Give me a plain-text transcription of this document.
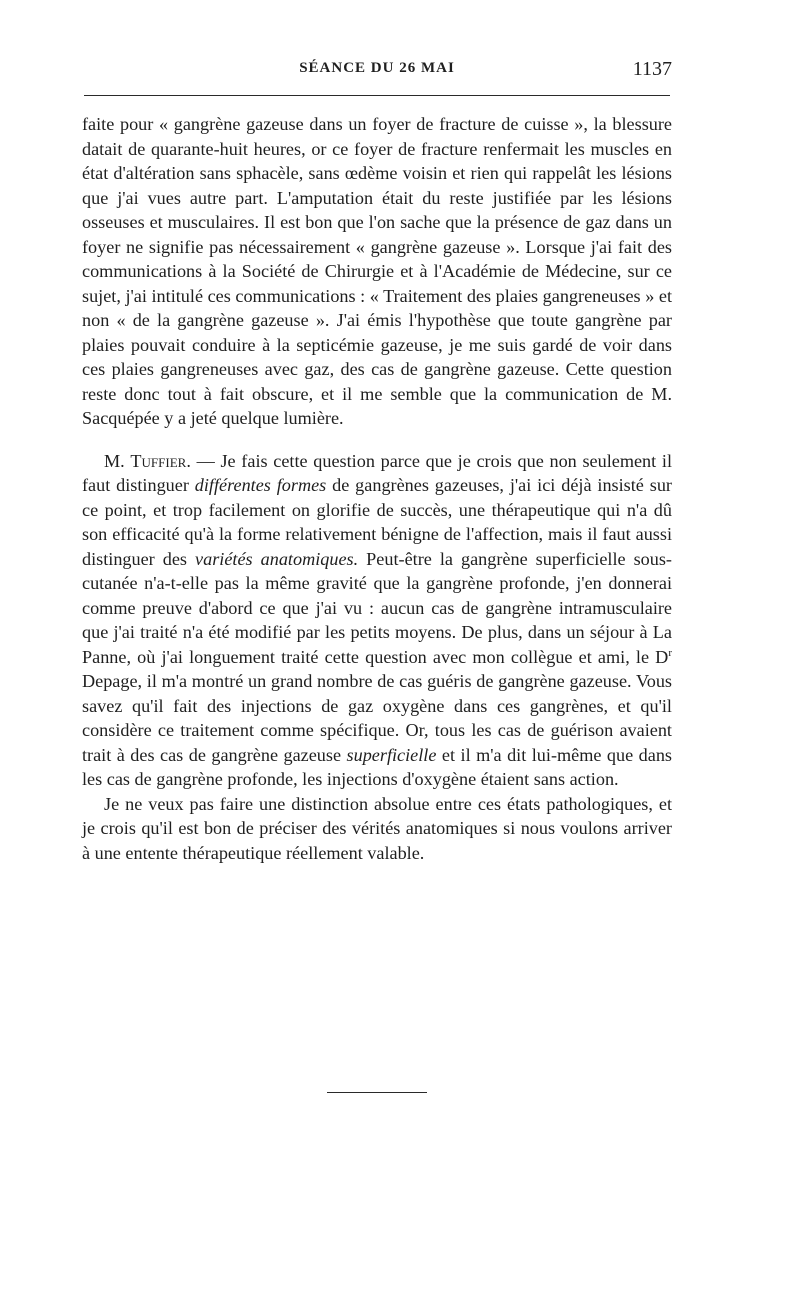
SÉANCE DU 26 MAI	1137

faite pour « gangrène gazeuse dans un foyer de fracture de cuisse », la blessure datait de quarante-huit heures, or ce foyer de fracture renfermait les muscles en état d'altération sans sphacèle, sans œdème voisin et rien qui rappelât les lésions que j'ai vues autre part. L'amputation était du reste justifiée par les lésions osseuses et musculaires. Il est bon que l'on sache que la présence de gaz dans un foyer ne signifie pas nécessairement « gangrène gazeuse ». Lorsque j'ai fait des communications à la Société de Chirurgie et à l'Académie de Médecine, sur ce sujet, j'ai intitulé ces communications : « Traitement des plaies gangreneuses » et non « de la gangrène gazeuse ». J'ai émis l'hypothèse que toute gangrène par plaies pouvait conduire à la septicémie gazeuse, je me suis gardé de voir dans ces plaies gangreneuses avec gaz, des cas de gangrène gazeuse. Cette question reste donc tout à fait obscure, et il me semble que la communication de M. Sacquépée y a jeté quelque lumière.

M. Tuffier. — Je fais cette question parce que je crois que non seulement il faut distinguer différentes formes de gangrènes gazeuses, j'ai ici déjà insisté sur ce point, et trop facilement on glorifie de succès, une thérapeutique qui n'a dû son efficacité qu'à la forme relativement bénigne de l'affection, mais il faut aussi distinguer des variétés anatomiques. Peut-être la gangrène superficielle sous-cutanée n'a-t-elle pas la même gravité que la gangrène profonde, j'en donnerai comme preuve d'abord ce que j'ai vu : aucun cas de gangrène intramusculaire que j'ai traité n'a été modifié par les petits moyens. De plus, dans un séjour à La Panne, où j'ai longuement traité cette question avec mon collègue et ami, le $D^r$ Depage, il m'a montré un grand nombre de cas guéris de gangrène gazeuse. Vous savez qu'il fait des injections de gaz oxygène dans ces gangrènes, et qu'il considère ce traitement comme spécifique. Or, tous les cas de guérison avaient trait à des cas de gangrène gazeuse superficielle et il m'a dit lui-même que dans les cas de gangrène profonde, les injections d'oxygène étaient sans action.

Je ne veux pas faire une distinction absolue entre ces états pathologiques, et je crois qu'il est bon de préciser des vérités anatomiques si nous voulons arriver à une entente thérapeutique réellement valable.
